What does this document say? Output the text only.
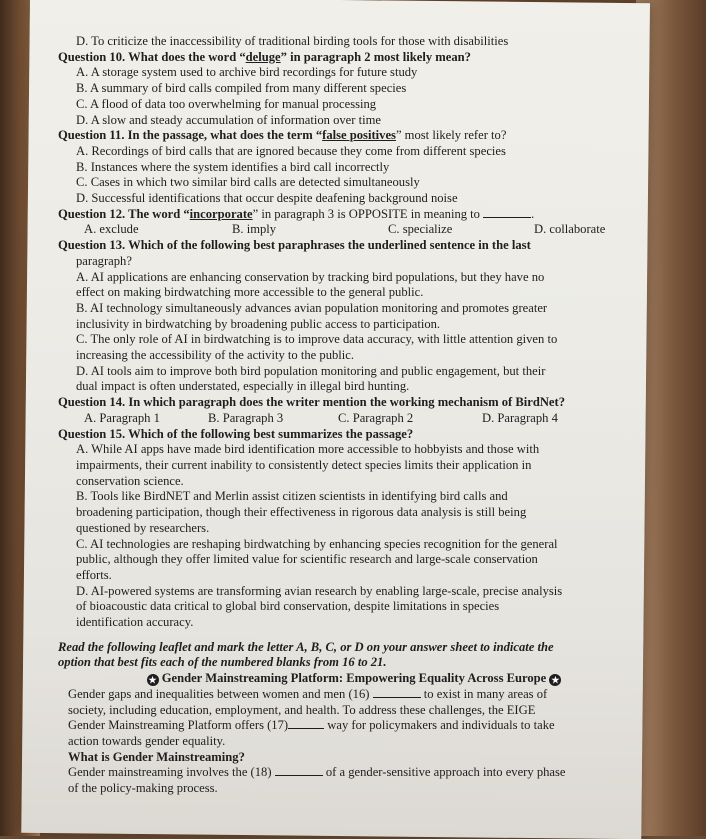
D. To criticize the inaccessibility of traditional birding tools for those with disabilities
Question 10. What does the word “deluge” in paragraph 2 most likely mean?
A. A storage system used to archive bird recordings for future study
B. A summary of bird calls compiled from many different species
C. A flood of data too overwhelming for manual processing
D. A slow and steady accumulation of information over time
Question 11. In the passage, what does the term “false positives” most likely refer to?
A. Recordings of bird calls that are ignored because they come from different species
B. Instances where the system identifies a bird call incorrectly
C. Cases in which two similar bird calls are detected simultaneously
D. Successful identifications that occur despite deafening background noise
Question 12. The word “incorporate” in paragraph 3 is OPPOSITE in meaning to	.
A. exclude	B. imply	C. specialize	D. collaborate
Question 13. Which of the following best paraphrases the underlined sentence in the last
paragraph?
A. AI applications are enhancing conservation by tracking bird populations, but they have no
effect on making birdwatching more accessible to the general public.
B. AI technology simultaneously advances avian population monitoring and promotes greater
inclusivity in birdwatching by broadening public access to participation.
C. The only role of AI in birdwatching is to improve data accuracy, with little attention given to
increasing the accessibility of the activity to the public.
D. AI tools aim to improve both bird population monitoring and public engagement, but their
dual impact is often understated, especially in illegal bird hunting.
Question 14. In which paragraph does the writer mention the working mechanism of BirdNet?
A. Paragraph 1	B. Paragraph 3	C. Paragraph 2	D. Paragraph 4
Question 15. Which of the following best summarizes the passage?
A. While AI apps have made bird identification more accessible to hobbyists and those with
impairments, their current inability to consistently detect species limits their application in
conservation science.
B. Tools like BirdNET and Merlin assist citizen scientists in identifying bird calls and
broadening participation, though their effectiveness in rigorous data analysis is still being
questioned by researchers.
C. AI technologies are reshaping birdwatching by enhancing species recognition for the general
public, although they offer limited value for scientific research and large-scale conservation
efforts.
D. AI-powered systems are transforming avian research by enabling large-scale, precise analysis
of bioacoustic data critical to global bird conservation, despite limitations in species
identification accuracy.
Read the following leaflet and mark the letter A, B, C, or D on your answer sheet to indicate the
option that best fits each of the numbered blanks from 16 to 21.
★ Gender Mainstreaming Platform: Empowering Equality Across Europe ★
Gender gaps and inequalities between women and men (16)	to exist in many areas of
society, including education, employment, and health. To address these challenges, the EIGE
Gender Mainstreaming Platform offers (17)	way for policymakers and individuals to take
action towards gender equality.
What is Gender Mainstreaming?
Gender mainstreaming involves the (18)	of a gender-sensitive approach into every phase
of the policy-making process.
